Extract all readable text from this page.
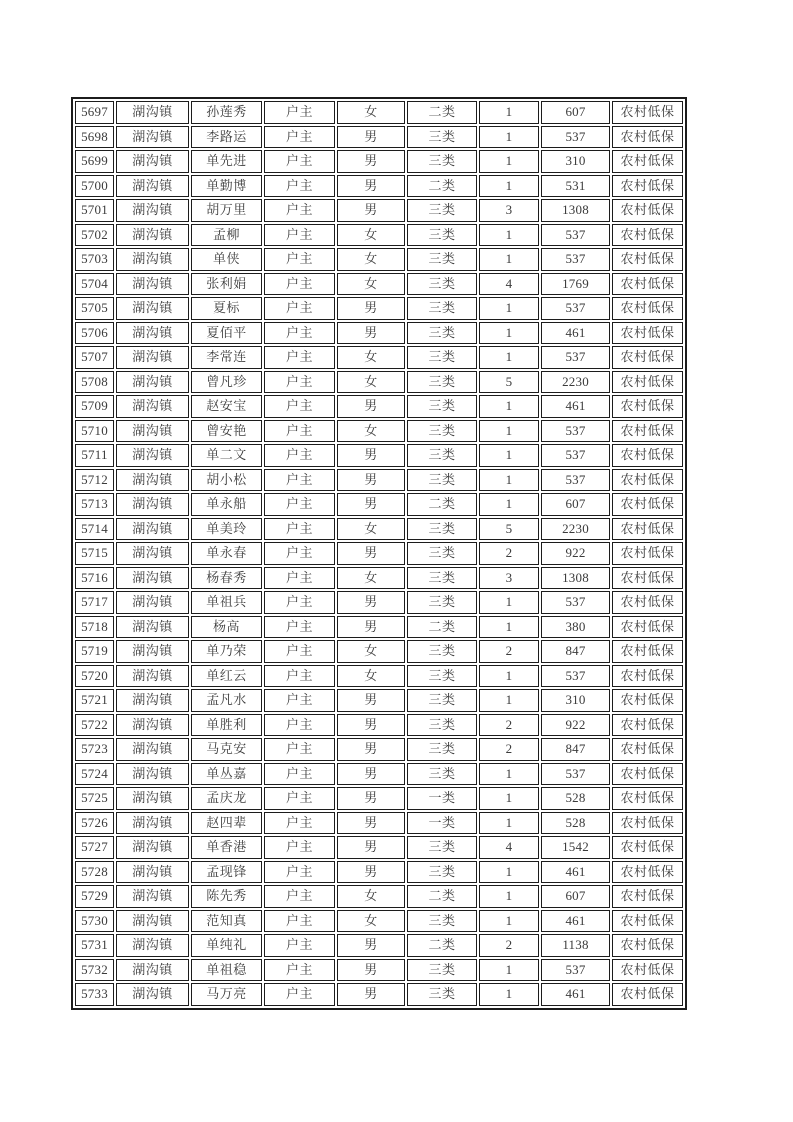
5697	湖沟镇	孙莲秀	户主	女	二类	1	607	农村低保
5698	湖沟镇	李路运	户主	男	三类	1	537	农村低保
5699	湖沟镇	单先进	户主	男	三类	1	310	农村低保
5700	湖沟镇	单勤博	户主	男	二类	1	531	农村低保
5701	湖沟镇	胡万里	户主	男	三类	3	1308	农村低保
5702	湖沟镇	孟柳	户主	女	三类	1	537	农村低保
5703	湖沟镇	单侠	户主	女	三类	1	537	农村低保
5704	湖沟镇	张利娟	户主	女	三类	4	1769	农村低保
5705	湖沟镇	夏标	户主	男	三类	1	537	农村低保
5706	湖沟镇	夏佰平	户主	男	三类	1	461	农村低保
5707	湖沟镇	李常连	户主	女	三类	1	537	农村低保
5708	湖沟镇	曾凡珍	户主	女	三类	5	2230	农村低保
5709	湖沟镇	赵安宝	户主	男	三类	1	461	农村低保
5710	湖沟镇	曾安艳	户主	女	三类	1	537	农村低保
5711	湖沟镇	单二文	户主	男	三类	1	537	农村低保
5712	湖沟镇	胡小松	户主	男	三类	1	537	农村低保
5713	湖沟镇	单永船	户主	男	二类	1	607	农村低保
5714	湖沟镇	单美玲	户主	女	三类	5	2230	农村低保
5715	湖沟镇	单永春	户主	男	三类	2	922	农村低保
5716	湖沟镇	杨春秀	户主	女	三类	3	1308	农村低保
5717	湖沟镇	单祖兵	户主	男	三类	1	537	农村低保
5718	湖沟镇	杨高	户主	男	二类	1	380	农村低保
5719	湖沟镇	单乃荣	户主	女	三类	2	847	农村低保
5720	湖沟镇	单红云	户主	女	三类	1	537	农村低保
5721	湖沟镇	孟凡水	户主	男	三类	1	310	农村低保
5722	湖沟镇	单胜利	户主	男	三类	2	922	农村低保
5723	湖沟镇	马克安	户主	男	三类	2	847	农村低保
5724	湖沟镇	单丛嘉	户主	男	三类	1	537	农村低保
5725	湖沟镇	孟庆龙	户主	男	一类	1	528	农村低保
5726	湖沟镇	赵四辈	户主	男	一类	1	528	农村低保
5727	湖沟镇	单香港	户主	男	三类	4	1542	农村低保
5728	湖沟镇	孟现锋	户主	男	三类	1	461	农村低保
5729	湖沟镇	陈先秀	户主	女	二类	1	607	农村低保
5730	湖沟镇	范知真	户主	女	三类	1	461	农村低保
5731	湖沟镇	单纯礼	户主	男	二类	2	1138	农村低保
5732	湖沟镇	单祖稳	户主	男	三类	1	537	农村低保
5733	湖沟镇	马万亮	户主	男	三类	1	461	农村低保
